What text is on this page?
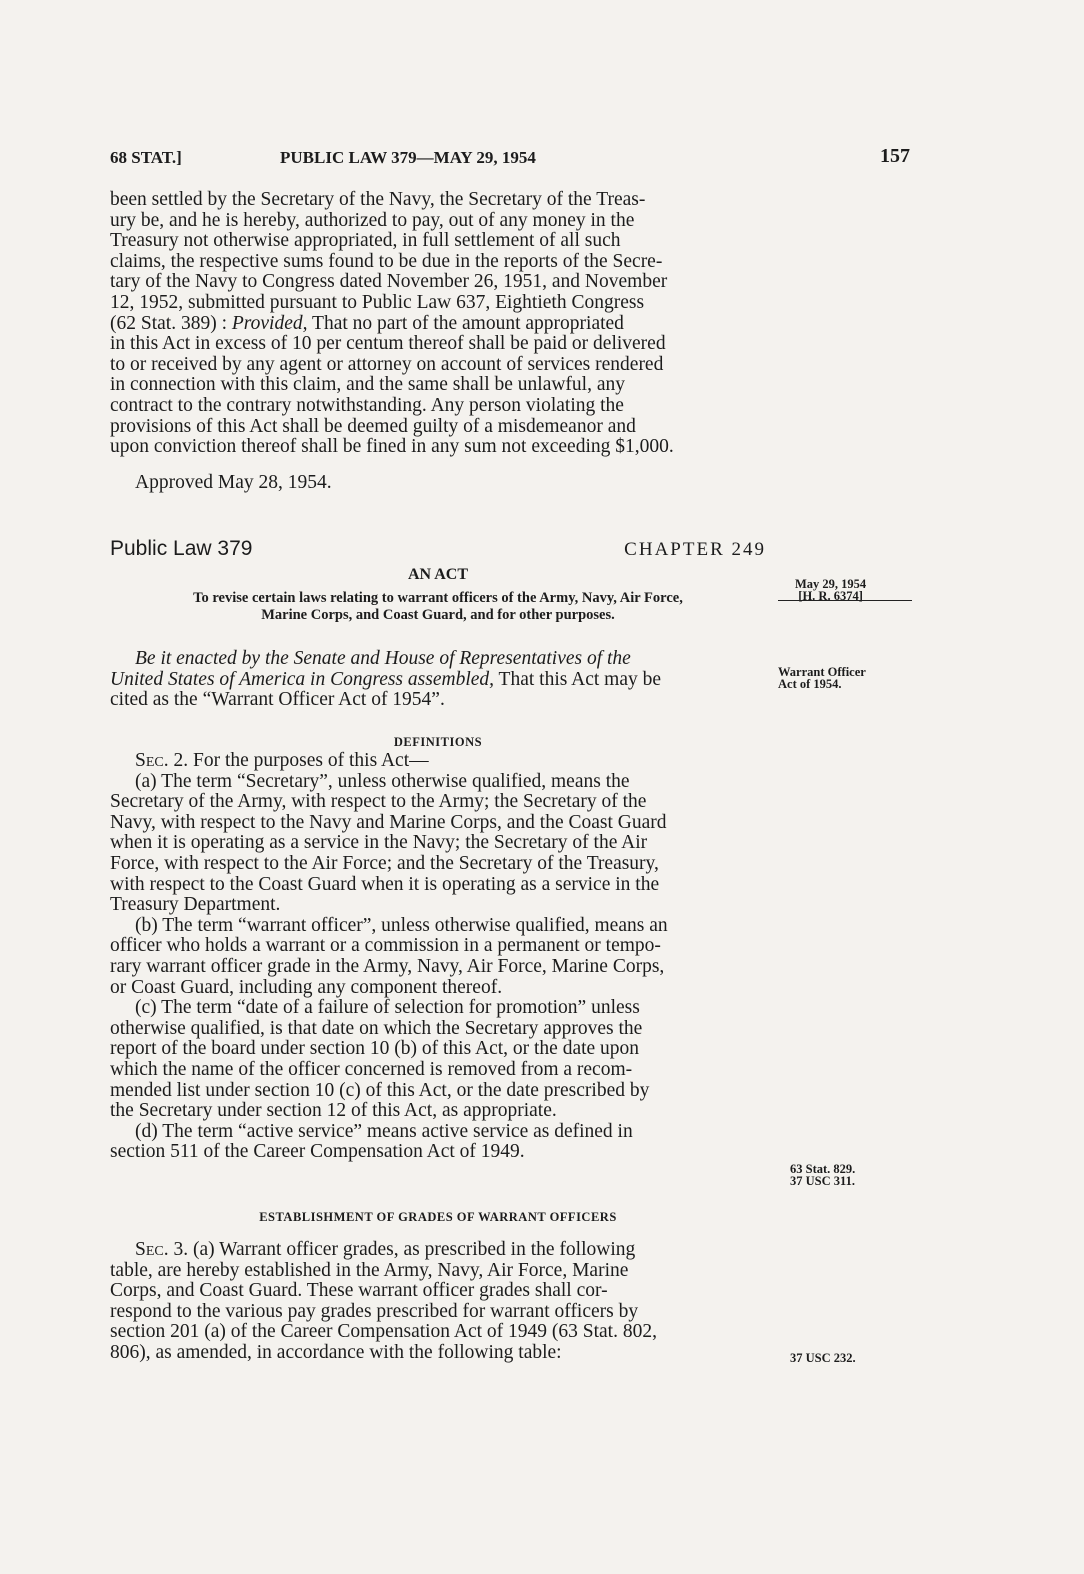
68 STAT.]	PUBLIC LAW 379—MAY 29, 1954	157
been settled by the Secretary of the Navy, the Secretary of the Treas-
ury be, and he is hereby, authorized to pay, out of any money in the
Treasury not otherwise appropriated, in full settlement of all such
claims, the respective sums found to be due in the reports of the Secre-
tary of the Navy to Congress dated November 26, 1951, and November
12, 1952, submitted pursuant to Public Law 637, Eightieth Congress
(62 Stat. 389) : Provided, That no part of the amount appropriated
in this Act in excess of 10 per centum thereof shall be paid or delivered
to or received by any agent or attorney on account of services rendered
in connection with this claim, and the same shall be unlawful, any
contract to the contrary notwithstanding. Any person violating the
provisions of this Act shall be deemed guilty of a misdemeanor and
upon conviction thereof shall be fined in any sum not exceeding $1,000.
Approved May 28, 1954.
Public Law 379	CHAPTER 249
AN ACT
To revise certain laws relating to warrant officers of the Army, Navy, Air Force,
Marine Corps, and Coast Guard, and for other purposes.
May 29, 1954
[H. R. 6374]
Be it enacted by the Senate and House of Representatives of the
United States of America in Congress assembled, That this Act may be
cited as the “Warrant Officer Act of 1954”.
Warrant Officer
Act of 1954.
DEFINITIONS
Sec. 2. For the purposes of this Act—
(a) The term “Secretary”, unless otherwise qualified, means the
Secretary of the Army, with respect to the Army; the Secretary of the
Navy, with respect to the Navy and Marine Corps, and the Coast Guard
when it is operating as a service in the Navy; the Secretary of the Air
Force, with respect to the Air Force; and the Secretary of the Treasury,
with respect to the Coast Guard when it is operating as a service in the
Treasury Department.
(b) The term “warrant officer”, unless otherwise qualified, means an
officer who holds a warrant or a commission in a permanent or tempo-
rary warrant officer grade in the Army, Navy, Air Force, Marine Corps,
or Coast Guard, including any component thereof.
(c) The term “date of a failure of selection for promotion” unless
otherwise qualified, is that date on which the Secretary approves the
report of the board under section 10 (b) of this Act, or the date upon
which the name of the officer concerned is removed from a recom-
mended list under section 10 (c) of this Act, or the date prescribed by
the Secretary under section 12 of this Act, as appropriate.
(d) The term “active service” means active service as defined in
section 511 of the Career Compensation Act of 1949.
63 Stat. 829.
37 USC 311.
ESTABLISHMENT OF GRADES OF WARRANT OFFICERS
Sec. 3. (a) Warrant officer grades, as prescribed in the following
table, are hereby established in the Army, Navy, Air Force, Marine
Corps, and Coast Guard. These warrant officer grades shall cor-
respond to the various pay grades prescribed for warrant officers by
section 201 (a) of the Career Compensation Act of 1949 (63 Stat. 802,
806), as amended, in accordance with the following table:	37 USC 232.
